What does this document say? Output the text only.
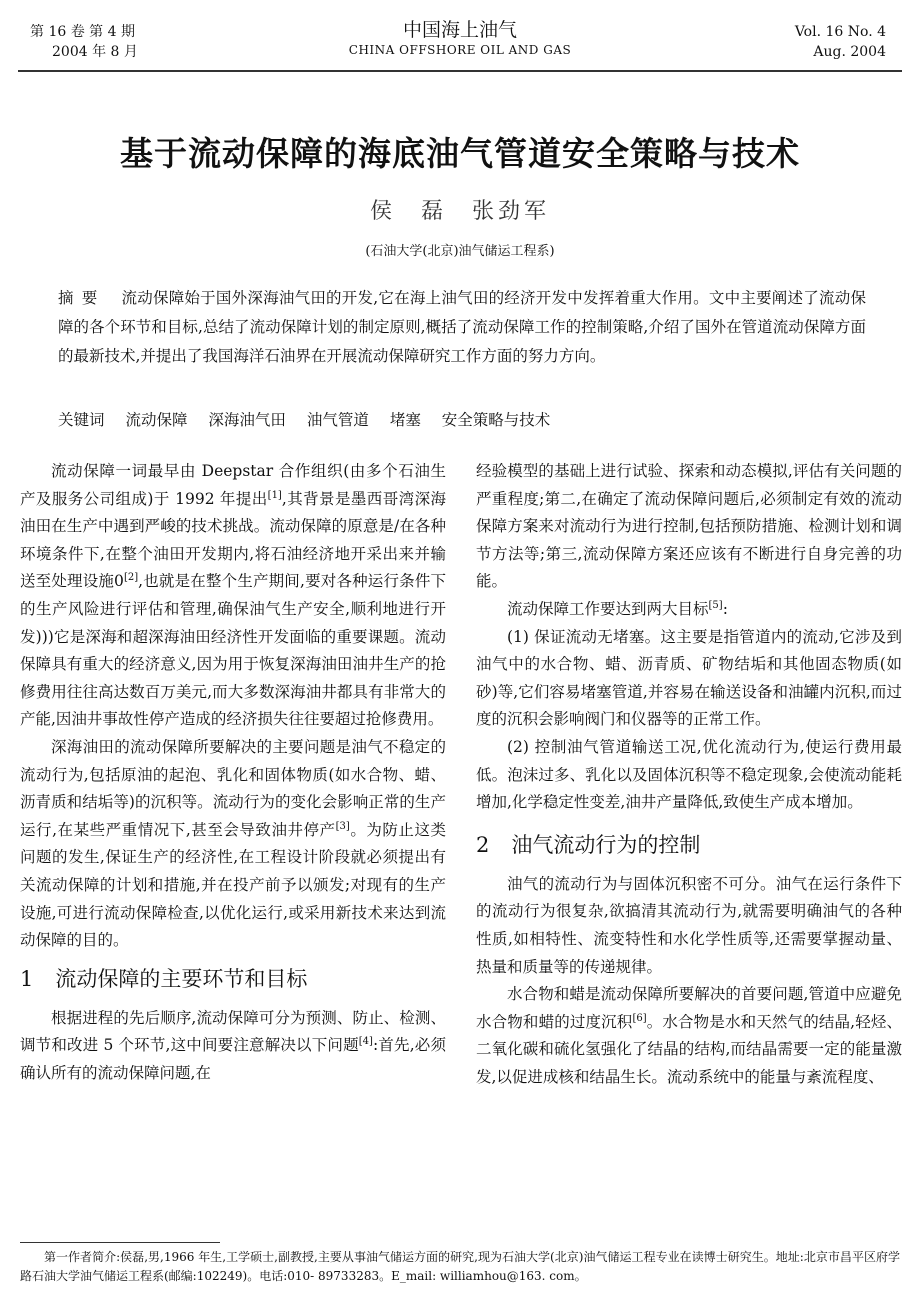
第 16 卷 第 4 期
2004 年 8 月
中国海上油气
CHINA OFFSHORE OIL AND GAS
Vol. 16 No. 4
Aug. 2004
基于流动保障的海底油气管道安全策略与技术
侯 磊 张劲军
(石油大学(北京)油气储运工程系)
摘要 流动保障始于国外深海油气田的开发,它在海上油气田的经济开发中发挥着重大作用。文中主要阐述了流动保障的各个环节和目标,总结了流动保障计划的制定原则,概括了流动保障工作的控制策略,介绍了国外在管道流动保障方面的最新技术,并提出了我国海洋石油界在开展流动保障研究工作方面的努力方向。
关键词 流动保障 深海油气田 油气管道 堵塞 安全策略与技术

流动保障一词最早由 Deepstar 合作组织(由多个石油生产及服务公司组成)于 1992 年提出[1],其背景是墨西哥湾深海油田在生产中遇到严峻的技术挑战。流动保障的原意是/在各种环境条件下,在整个油田开发期内,将石油经济地开采出来并输送至处理设施0[2],也就是在整个生产期间,要对各种运行条件下的生产风险进行评估和管理,确保油气生产安全,顺利地进行开发)))它是深海和超深海油田经济性开发面临的重要课题。流动保障具有重大的经济意义,因为用于恢复深海油田油井生产的抢修费用往往高达数百万美元,而大多数深海油井都具有非常大的产能,因油井事故性停产造成的经济损失往往要超过抢修费用。

深海油田的流动保障所要解决的主要问题是油气不稳定的流动行为,包括原油的起泡、乳化和固体物质(如水合物、蜡、沥青质和结垢等)的沉积等。流动行为的变化会影响正常的生产运行,在某些严重情况下,甚至会导致油井停产[3]。为防止这类问题的发生,保证生产的经济性,在工程设计阶段就必须提出有关流动保障的计划和措施,并在投产前予以颁发;对现有的生产设施,可进行流动保障检查,以优化运行,或采用新技术来达到流动保障的目的。

1 流动保障的主要环节和目标

根据进程的先后顺序,流动保障可分为预测、防止、检测、调节和改进 5 个环节,这中间要注意解决以下问题[4]:首先,必须确认所有的流动保障问题,在

经验模型的基础上进行试验、探索和动态模拟,评估有关问题的严重程度;第二,在确定了流动保障问题后,必须制定有效的流动保障方案来对流动行为进行控制,包括预防措施、检测计划和调节方法等;第三,流动保障方案还应该有不断进行自身完善的功能。

流动保障工作要达到两大目标[5]:

(1) 保证流动无堵塞。这主要是指管道内的流动,它涉及到油气中的水合物、蜡、沥青质、矿物结垢和其他固态物质(如砂)等,它们容易堵塞管道,并容易在输送设备和油罐内沉积,而过度的沉积会影响阀门和仪器等的正常工作。

(2) 控制油气管道输送工况,优化流动行为,使运行费用最低。泡沫过多、乳化以及固体沉积等不稳定现象,会使流动能耗增加,化学稳定性变差,油井产量降低,致使生产成本增加。

2 油气流动行为的控制

油气的流动行为与固体沉积密不可分。油气在运行条件下的流动行为很复杂,欲搞清其流动行为,就需要明确油气的各种性质,如相特性、流变特性和水化学性质等,还需要掌握动量、热量和质量等的传递规律。

水合物和蜡是流动保障所要解决的首要问题,管道中应避免水合物和蜡的过度沉积[6]。水合物是水和天然气的结晶,轻烃、二氧化碳和硫化氢强化了结晶的结构,而结晶需要一定的能量激发,以促进成核和结晶生长。流动系统中的能量与紊流程度、

第一作者简介:侯磊,男,1966 年生,工学硕士,副教授,主要从事油气储运方面的研究,现为石油大学(北京)油气储运工程专业在读博士研究生。地址:北京市昌平区府学路石油大学油气储运工程系(邮编:102249)。电话:010- 89733283。E_mail: williamhou@163. com。
